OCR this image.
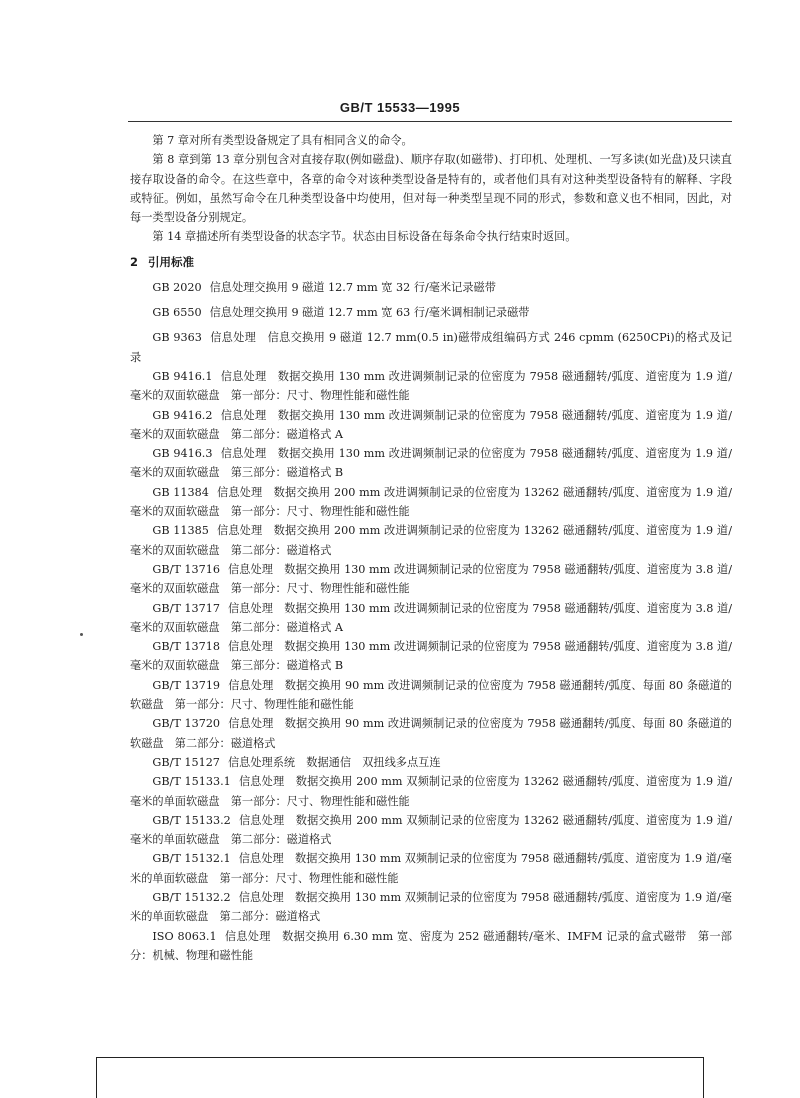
GB/T 15533—1995

第 7 章对所有类型设备规定了具有相同含义的命令。

第 8 章到第 13 章分别包含对直接存取(例如磁盘)、顺序存取(如磁带)、打印机、处理机、一写多读(如光盘)及只读直接存取设备的命令。在这些章中，各章的命令对该种类型设备是特有的，或者他们具有对这种类型设备特有的解释、字段或特征。例如，虽然写命令在几种类型设备中均使用，但对每一种类型呈现不同的形式，参数和意义也不相同，因此，对每一类型设备分别规定。

第 14 章描述所有类型设备的状态字节。状态由目标设备在每条命令执行结束时返回。

2 引用标准

GB 2020 信息处理交换用 9 磁道 12.7 mm 宽 32 行/毫米记录磁带

GB 6550 信息处理交换用 9 磁道 12.7 mm 宽 63 行/毫米调相制记录磁带

GB 9363 信息处理　信息交换用 9 磁道 12.7 mm(0.5 in)磁带成组编码方式 246 cpmm (6250CPi)的格式及记录

GB 9416.1 信息处理　数据交换用 130 mm 改进调频制记录的位密度为 7958 磁通翻转/弧度、道密度为 1.9 道/毫米的双面软磁盘　第一部分：尺寸、物理性能和磁性能

GB 9416.2 信息处理　数据交换用 130 mm 改进调频制记录的位密度为 7958 磁通翻转/弧度、道密度为 1.9 道/毫米的双面软磁盘　第二部分：磁道格式 A

GB 9416.3 信息处理　数据交换用 130 mm 改进调频制记录的位密度为 7958 磁通翻转/弧度、道密度为 1.9 道/毫米的双面软磁盘　第三部分：磁道格式 B

GB 11384 信息处理　数据交换用 200 mm 改进调频制记录的位密度为 13262 磁通翻转/弧度、道密度为 1.9 道/毫米的双面软磁盘　第一部分：尺寸、物理性能和磁性能

GB 11385 信息处理　数据交换用 200 mm 改进调频制记录的位密度为 13262 磁通翻转/弧度、道密度为 1.9 道/毫米的双面软磁盘　第二部分：磁道格式

GB/T 13716 信息处理　数据交换用 130 mm 改进调频制记录的位密度为 7958 磁通翻转/弧度、道密度为 3.8 道/毫米的双面软磁盘　第一部分：尺寸、物理性能和磁性能

GB/T 13717 信息处理　数据交换用 130 mm 改进调频制记录的位密度为 7958 磁通翻转/弧度、道密度为 3.8 道/毫米的双面软磁盘　第二部分：磁道格式 A

GB/T 13718 信息处理　数据交换用 130 mm 改进调频制记录的位密度为 7958 磁通翻转/弧度、道密度为 3.8 道/毫米的双面软磁盘　第三部分：磁道格式 B

GB/T 13719 信息处理　数据交换用 90 mm 改进调频制记录的位密度为 7958 磁通翻转/弧度、每面 80 条磁道的软磁盘　第一部分：尺寸、物理性能和磁性能

GB/T 13720 信息处理　数据交换用 90 mm 改进调频制记录的位密度为 7958 磁通翻转/弧度、每面 80 条磁道的软磁盘　第二部分：磁道格式

GB/T 15127 信息处理系统　数据通信　双扭线多点互连

GB/T 15133.1 信息处理　数据交换用 200 mm 双频制记录的位密度为 13262 磁通翻转/弧度、道密度为 1.9 道/毫米的单面软磁盘　第一部分：尺寸、物理性能和磁性能

GB/T 15133.2 信息处理　数据交换用 200 mm 双频制记录的位密度为 13262 磁通翻转/弧度、道密度为 1.9 道/毫米的单面软磁盘　第二部分：磁道格式

GB/T 15132.1 信息处理　数据交换用 130 mm 双频制记录的位密度为 7958 磁通翻转/弧度、道密度为 1.9 道/毫米的单面软磁盘　第一部分：尺寸、物理性能和磁性能

GB/T 15132.2 信息处理　数据交换用 130 mm 双频制记录的位密度为 7958 磁通翻转/弧度、道密度为 1.9 道/毫米的单面软磁盘　第二部分：磁道格式

ISO 8063.1 信息处理　数据交换用 6.30 mm 宽、密度为 252 磁通翻转/毫米、IMFM 记录的盒式磁带　第一部分：机械、物理和磁性能
